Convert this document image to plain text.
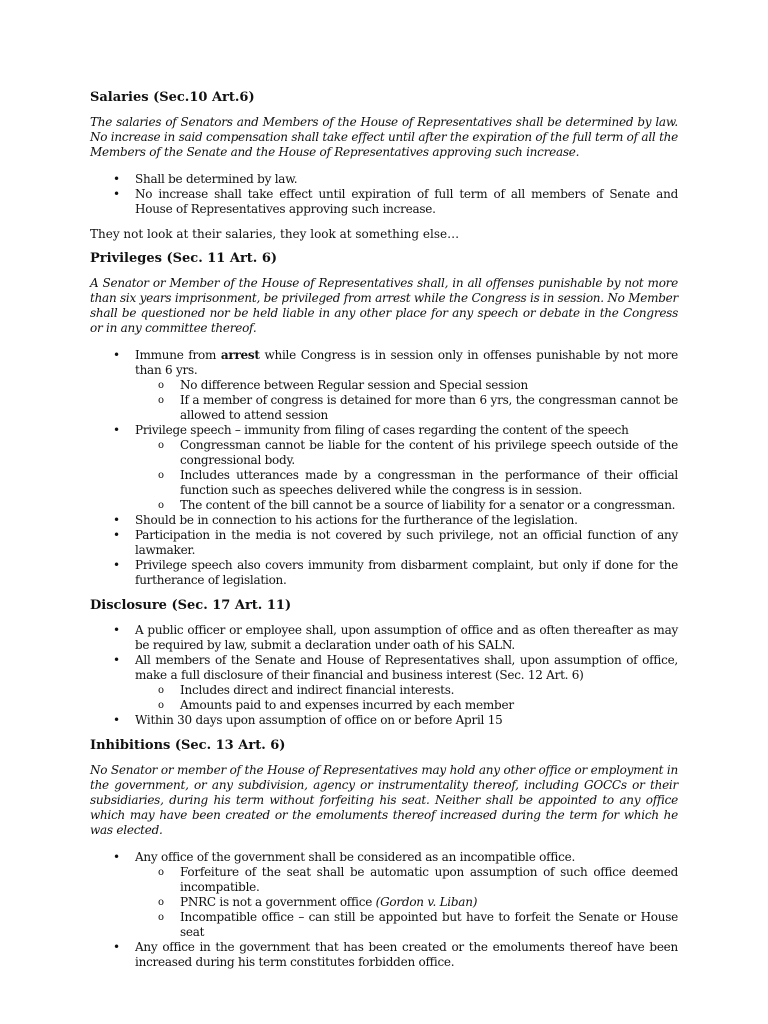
Salaries (Sec.10 Art.6)

The salaries of Senators and Members of the House of Representatives shall be determined by law. No increase in said compensation shall take effect until after the expiration of the full term of all the Members of the Senate and the House of Representatives approving such increase.

• Shall be determined by law.
• No increase shall take effect until expiration of full term of all members of Senate and House of Representatives approving such increase.

They not look at their salaries, they look at something else…

Privileges (Sec. 11 Art. 6)

A Senator or Member of the House of Representatives shall, in all offenses punishable by not more than six years imprisonment, be privileged from arrest while the Congress is in session. No Member shall be questioned nor be held liable in any other place for any speech or debate in the Congress or in any committee thereof.

• Immune from arrest while Congress is in session only in offenses punishable by not more than 6 yrs.
o No difference between Regular session and Special session
o If a member of congress is detained for more than 6 yrs, the congressman cannot be allowed to attend session
• Privilege speech – immunity from filing of cases regarding the content of the speech
o Congressman cannot be liable for the content of his privilege speech outside of the congressional body.
o Includes utterances made by a congressman in the performance of their official function such as speeches delivered while the congress is in session.
o The content of the bill cannot be a source of liability for a senator or a congressman.
• Should be in connection to his actions for the furtherance of the legislation.
• Participation in the media is not covered by such privilege, not an official function of any lawmaker.
• Privilege speech also covers immunity from disbarment complaint, but only if done for the furtherance of legislation.
Disclosure (Sec. 17 Art. 11)
• A public officer or employee shall, upon assumption of office and as often thereafter as may be required by law, submit a declaration under oath of his SALN.
• All members of the Senate and House of Representatives shall, upon assumption of office, make a full disclosure of their financial and business interest (Sec. 12 Art. 6)
o Includes direct and indirect financial interests.
o Amounts paid to and expenses incurred by each member
• Within 30 days upon assumption of office on or before April 15
Inhibitions (Sec. 13 Art. 6)

No Senator or member of the House of Representatives may hold any other office or employment in the government, or any subdivision, agency or instrumentality thereof, including GOCCs or their subsidiaries, during his term without forfeiting his seat. Neither shall be appointed to any office which may have been created or the emoluments thereof increased during the term for which he was elected.

• Any office of the government shall be considered as an incompatible office.
o Forfeiture of the seat shall be automatic upon assumption of such office deemed incompatible.
o PNRC is not a government office (Gordon v. Liban)
o Incompatible office – can still be appointed but have to forfeit the Senate or House seat
• Any office in the government that has been created or the emoluments thereof have been increased during his term constitutes forbidden office.
